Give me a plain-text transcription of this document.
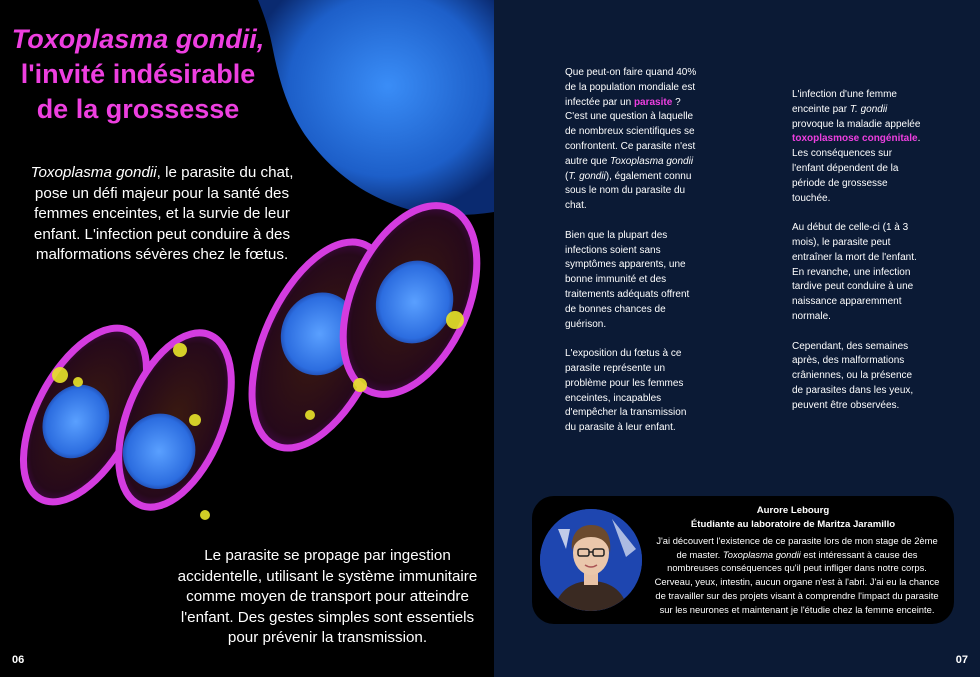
Toxoplasma gondii,
l'invité indésirable de la grossesse
Toxoplasma gondii, le parasite du chat, pose un défi majeur pour la santé des femmes enceintes, et la survie de leur enfant. L'infection peut conduire à des malformations sévères chez le fœtus.
Le parasite se propage par ingestion accidentelle, utilisant le système immunitaire comme moyen de transport pour atteindre l'enfant. Des gestes simples sont essentiels pour prévenir la transmission.
06

Que peut-on faire quand 40% de la population mondiale est infectée par un parasite ? C'est une question à laquelle de nombreux scientifiques se confrontent. Ce parasite n'est autre que Toxoplasma gondii (T. gondii), également connu sous le nom du parasite du chat.

Bien que la plupart des infections soient sans symptômes apparents, une bonne immunité et des traitements adéquats offrent de bonnes chances de guérison.

L'exposition du fœtus à ce parasite représente un problème pour les femmes enceintes, incapables d'empêcher la transmission du parasite à leur enfant.

L'infection d'une femme enceinte par T. gondii provoque la maladie appelée toxoplasmose congénitale. Les conséquences sur l'enfant dépendent de la période de grossesse touchée.

Au début de celle-ci (1 à 3 mois), le parasite peut entraîner la mort de l'enfant. En revanche, une infection tardive peut conduire à une naissance apparemment normale.

Cependant, des semaines après, des malformations crâniennes, ou la présence de parasites dans les yeux, peuvent être observées.

Aurore Lebourg
Étudiante au laboratoire de Maritza Jaramillo
J'ai découvert l'existence de ce parasite lors de mon stage de 2ème de master. Toxoplasma gondii est intéressant à cause des nombreuses conséquences qu'il peut infliger dans notre corps. Cerveau, yeux, intestin, aucun organe n'est à l'abri. J'ai eu la chance de travailler sur des projets visant à comprendre l'impact du parasite sur les neurones et maintenant je l'étudie chez la femme enceinte.
07
